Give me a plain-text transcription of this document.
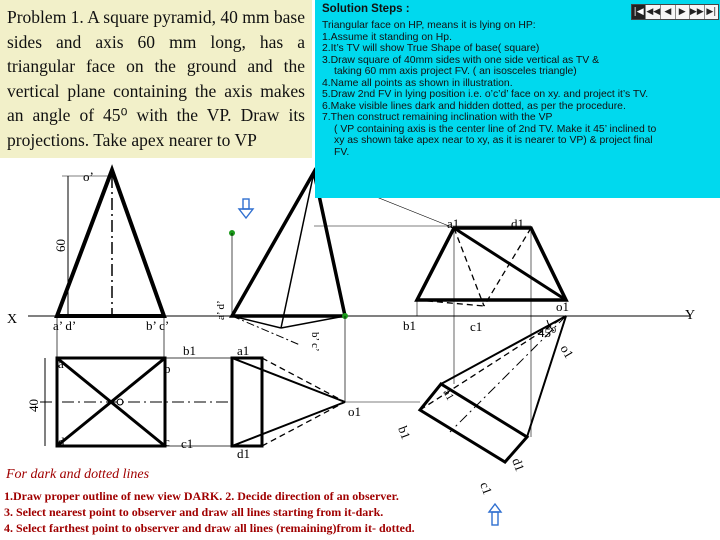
o’
60
40
X	Y
a’ d’	b’ c’
a	b
c
d
b1
c1
a1
d1
o1
a’ d’
b’ c’
a1	d1
b1	c1
o1
45⁰
o1
a1
b1
d1
c1

Problem 1. A square pyramid, 40 mm base sides and axis 60 mm long, has a triangular face on the ground and the vertical plane containing the axis makes an angle of 45⁰ with the VP. Draw its projections. Take apex nearer to VP

Solution Steps :

Triangular face on HP, means it is lying on HP:
1.Assume it standing on Hp.
2.It’s TV will show True Shape of base( square)
3.Draw square of 40mm sides with one side vertical as TV &
taking 60 mm axis project FV. ( an isosceles triangle)
4.Name all points as shown in illustration.
5.Draw 2nd FV in lying position i.e. o’c’d’ face on xy. and project it’s TV.
6.Make visible lines dark and hidden dotted, as per the procedure.
7.Then construct remaining inclination with the VP
( VP containing axis is the center line of 2nd TV. Make it 45’ inclined to
xy as shown take apex near to xy, as it is nearer to VP) & project final
FV.
|◀ ◀◀ ◀ ▶ ▶▶ ▶|

For dark and dotted lines

1.Draw proper outline of new view DARK. 2. Decide direction of an observer.
3. Select nearest point to observer and draw all lines starting from it-dark.
4. Select farthest point to observer and draw all lines (remaining)from it- dotted.
